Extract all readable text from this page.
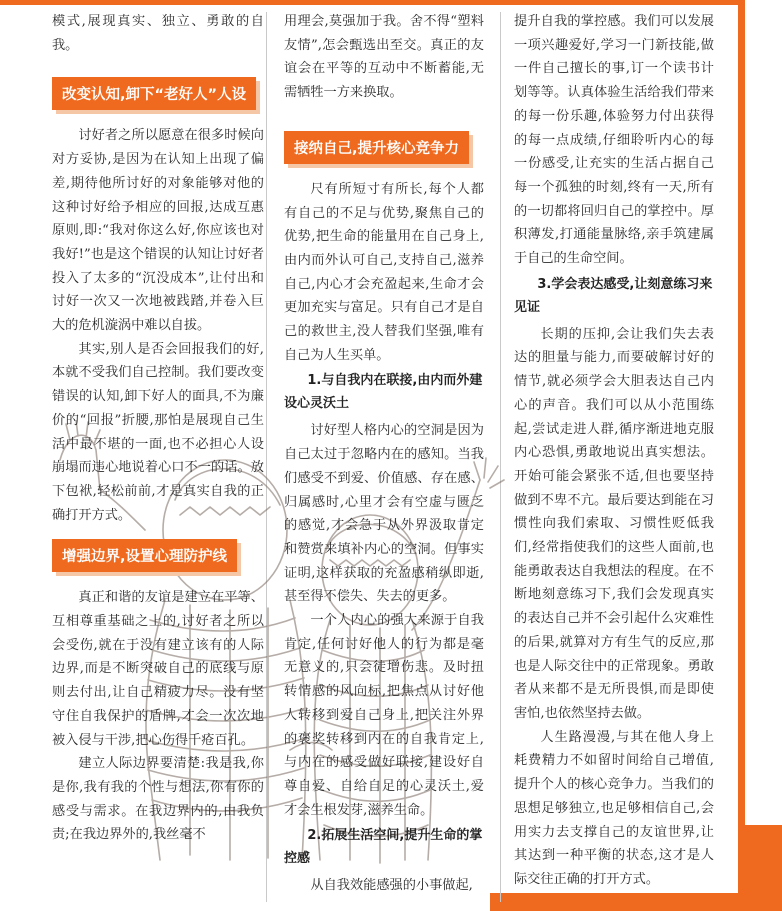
模式,展现真实、独立、勇敢的自我。

改变认知,卸下“老好人”人设

讨好者之所以愿意在很多时候向对方妥协,是因为在认知上出现了偏差,期待他所讨好的对象能够对他的这种讨好给予相应的回报,达成互惠原则,即:“我对你这么好,你应该也对我好!”也是这个错误的认知让讨好者投入了太多的“沉没成本”,让付出和讨好一次又一次地被践踏,并卷入巨大的危机漩涡中难以自拔。

其实,别人是否会回报我们的好,本就不受我们自己控制。我们要改变错误的认知,卸下好人的面具,不为廉价的“回报”折腰,那怕是展现自己生活中最不堪的一面,也不必担心人设崩塌而违心地说着心口不一的话。放下包袱,轻松前前,才是真实自我的正确打开方式。

增强边界,设置心理防护线

真正和谐的友谊是建立在平等、互相尊重基础之上的,讨好者之所以会受伤,就在于没有建立该有的人际边界,而是不断突破自己的底线与原则去付出,让自己精疲力尽。没有坚守住自我保护的盾牌,才会一次次地被入侵与干涉,把心伤得千疮百孔。

建立人际边界要清楚:我是我,你是你,我有我的个性与想法,你有你的感受与需求。在我边界内的,由我负责;在我边界外的,我丝毫不

用理会,莫强加于我。舍不得“塑料友情”,怎会甄选出至交。真正的友谊会在平等的互动中不断蓄能,无需牺牲一方来换取。

接纳自己,提升核心竞争力

尺有所短寸有所长,每个人都有自己的不足与优势,聚焦自己的优势,把生命的能量用在自己身上,由内而外认可自己,支持自己,滋养自己,内心才会充盈起来,生命才会更加充实与富足。只有自己才是自己的救世主,没人替我们坚强,唯有自己为人生买单。

1.与自我内在联接,由内而外建设心灵沃土

讨好型人格内心的空洞是因为自己太过于忽略内在的感知。当我们感受不到爱、价值感、存在感、归属感时,心里才会有空虚与匮乏的感觉,才会急于从外界汲取肯定和赞赏来填补内心的空洞。但事实证明,这样获取的充盈感稍纵即逝,甚至得不偿失、失去的更多。

一个人内心的强大来源于自我肯定,任何讨好他人的行为都是毫无意义的,只会徒增伤悲。及时扭转情感的风向标,把焦点从讨好他人转移到爱自己身上,把关注外界的褒奖转移到内在的自我肯定上,与内在的感受做好联接,建设好自尊自爱、自给自足的心灵沃土,爱才会生根发芽,滋养生命。

2.拓展生活空间,提升生命的掌控感

从自我效能感强的小事做起,

提升自我的掌控感。我们可以发展一项兴趣爱好,学习一门新技能,做一件自己擅长的事,订一个读书计划等等。认真体验生活给我们带来的每一份乐趣,体验努力付出获得的每一点成绩,仔细聆听内心的每一份感受,让充实的生活占据自己每一个孤独的时刻,终有一天,所有的一切都将回归自己的掌控中。厚积薄发,打通能量脉络,亲手筑建属于自己的生命空间。

3.学会表达感受,让刻意练习来见证

长期的压抑,会让我们失去表达的胆量与能力,而要破解讨好的情节,就必须学会大胆表达自己内心的声音。我们可以从小范围练起,尝试走进人群,循序渐进地克服内心恐惧,勇敢地说出真实想法。开始可能会紧张不适,但也要坚持做到不卑不亢。最后要达到能在习惯性向我们索取、习惯性贬低我们,经常指使我们的这些人面前,也能勇敢表达自我想法的程度。在不断地刻意练习下,我们会发现真实的表达自己并不会引起什么灾难性的后果,就算对方有生气的反应,那也是人际交往中的正常现象。勇敢者从来都不是无所畏惧,而是即使害怕,也依然坚持去做。

人生路漫漫,与其在他人身上耗费精力不如留时间给自己增值,提升个人的核心竞争力。当我们的思想足够独立,也足够相信自己,会用实力去支撑自己的友谊世界,让其达到一种平衡的状态,这才是人际交往正确的打开方式。
